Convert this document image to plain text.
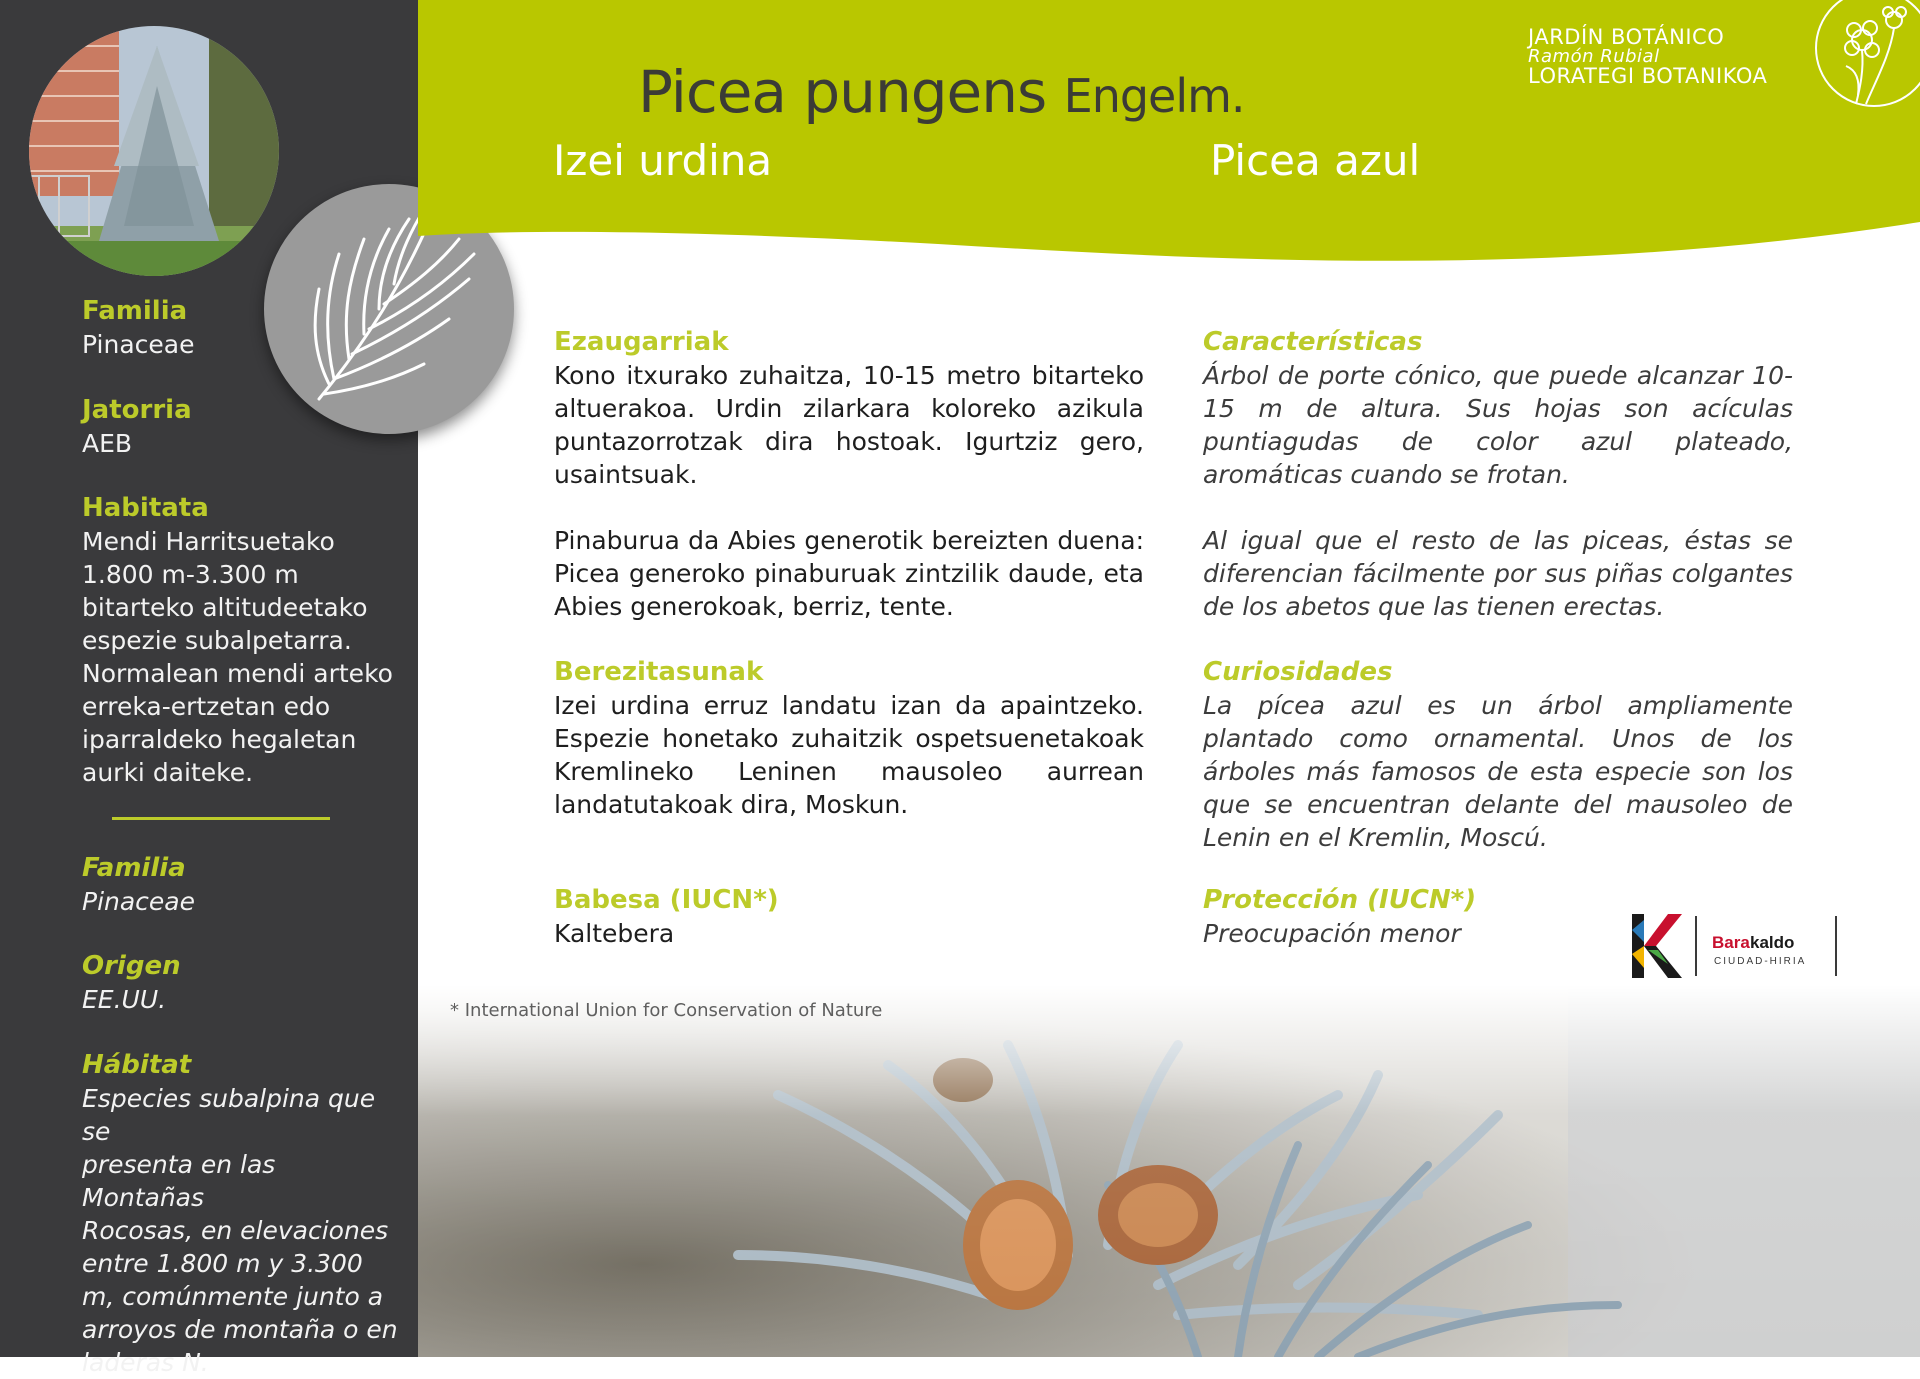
Familia

Pinaceae

Jatorria

AEB

Habitata

Mendi Harritsuetako

1.800 m-3.300 m

bitarteko altitudeetako

espezie subalpetarra.

Normalean mendi arteko

erreka-ertzetan edo

iparraldeko hegaletan

aurki daiteke.

Familia

Pinaceae

Origen

EE.UU.

Hábitat

Especies subalpina que se

presenta en las Montañas

Rocosas, en elevaciones

entre 1.800 m y 3.300

m, comúnmente junto a

arroyos de montaña o en

laderas N.

Picea pungens Engelm.
Izei urdina	Picea azul
JARDÍN BOTÁNICO
Ramón Rubial
LORATEGI BOTANIKOA
Ezaugarriak

Kono itxurako zuhaitza, 10-15 metro bitarteko altuerakoa. Urdin zilarkara koloreko azikula puntazorrotzak dira hostoak. Igurtziz gero, usaintsuak.

Pinaburua da Abies generotik bereizten duena: Picea generoko pinaburuak zintzilik daude, eta Abies generokoak, berriz, tente.

Berezitasunak

Izei urdina erruz landatu izan da apaintzeko. Espezie honetako zuhaitzik ospetsuenetakoak Kremlineko Leninen mausoleo aurrean landatutakoak dira, Moskun.

Babesa (IUCN*)

Kaltebera

Características

Árbol de porte cónico, que puede alcanzar 10-15 m de altura. Sus hojas son acículas puntiagudas de color azul plateado, aromáticas cuando se frotan.

Al igual que el resto de las piceas, éstas se diferencian fácilmente por sus piñas colgantes de los abetos que las tienen erectas.

Curiosidades

La pícea azul es un árbol ampliamente plantado como ornamental. Unos de los árboles más famosos de esta especie son los que se encuentran delante del mausoleo de Lenin en el Kremlin, Moscú.

Protección (IUCN*)

Preocupación menor	Bara kaldo
CIUDAD-HIRIA
* International Union for Conservation of Nature
